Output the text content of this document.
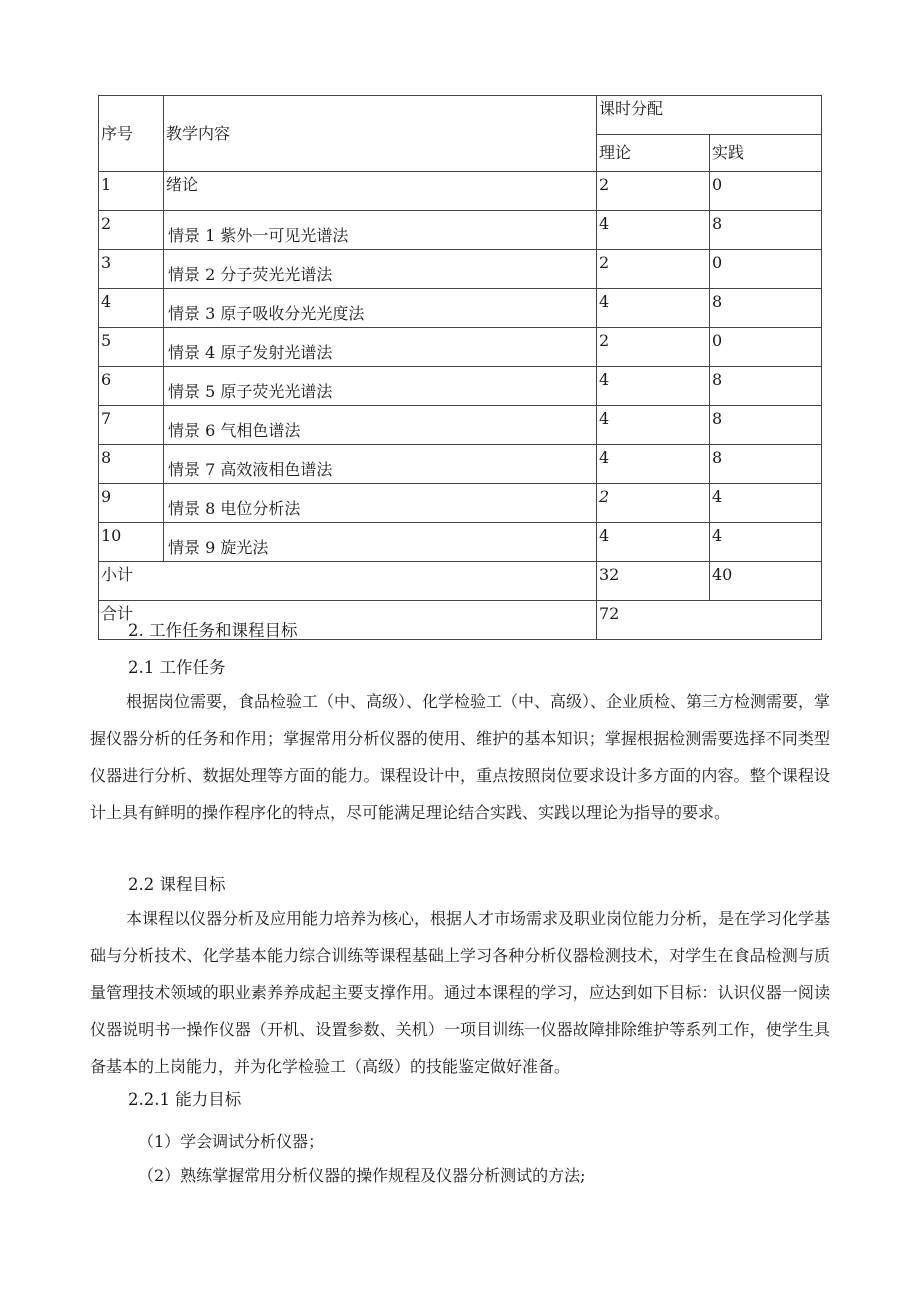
序号	教学内容	课时分配	
		理论	实践
1	绪论	2	0
2	情景 1 紫外一可见光谱法	4	8
3	情景 2 分子荧光光谱法	2	0
4	情景 3 原子吸收分光光度法	4	8
5	情景 4 原子发射光谱法	2	0
6	情景 5 原子荧光光谱法	4	8
7	情景 6 气相色谱法	4	8
8	情景 7 高效液相色谱法	4	8
9	情景 8 电位分析法	2	4
10	情景 9 旋光法	4	4
小计		32	40
合计		72	
2. 工作任务和课程目标
2.1 工作任务

根据岗位需要，食品检验工（中、高级）、化学检验工（中、高级）、企业质检、第三方检测需要，掌握仪器分析的任务和作用；掌握常用分析仪器的使用、维护的基本知识；掌握根据检测需要选择不同类型仪器进行分析、数据处理等方面的能力。课程设计中，重点按照岗位要求设计多方面的内容。整个课程设计上具有鲜明的操作程序化的特点，尽可能满足理论结合实践、实践以理论为指导的要求。

2.2 课程目标

本课程以仪器分析及应用能力培养为核心，根据人才市场需求及职业岗位能力分析，是在学习化学基础与分析技术、化学基本能力综合训练等课程基础上学习各种分析仪器检测技术，对学生在食品检测与质量管理技术领域的职业素养养成起主要支撑作用。通过本课程的学习，应达到如下目标：认识仪器一阅读仪器说明书一操作仪器（开机、设置参数、关机）一项目训练一仪器故障排除维护等系列工作，使学生具备基本的上岗能力，并为化学检验工（高级）的技能鉴定做好准备。

2.2.1 能力目标
（1）学会调试分析仪器；
（2）熟练掌握常用分析仪器的操作规程及仪器分析测试的方法;
